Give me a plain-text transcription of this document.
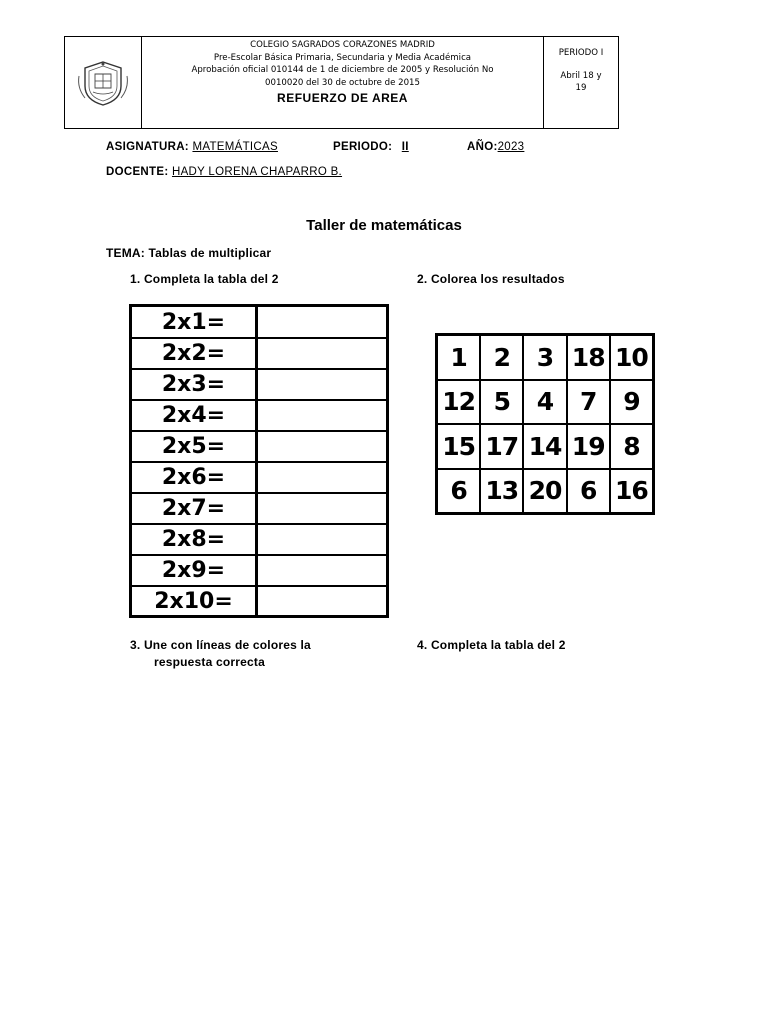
COLEGIO SAGRADOS CORAZONES MADRID
Pre-Escolar Básica Primaria, Secundaria y Media Académica
Aprobación oficial 010144 de 1 de diciembre de 2005 y Resolución No
0010020 del 30 de octubre de 2015
REFUERZO DE AREA
PERIODO I
Abril 18 y
19
ASIGNATURA: MATEMÁTICAS	PERIODO: II	AÑO:2023
DOCENTE: HADY LORENA CHAPARRO B.
Taller de matemáticas
TEMA: Tablas de multiplicar
1. Completa la tabla del 2	2. Colorea los resultados
2x1=
2x2=
2x3=
2x4=
2x5=
2x6=
2x7=
2x8=
2x9=
2x10=
1	2	3 18 10
12 5	4	7	9
15 17 14 19 8
6 13 20 6 16
3. Une con líneas de colores la
respuesta correcta
4. Completa la tabla del 2
